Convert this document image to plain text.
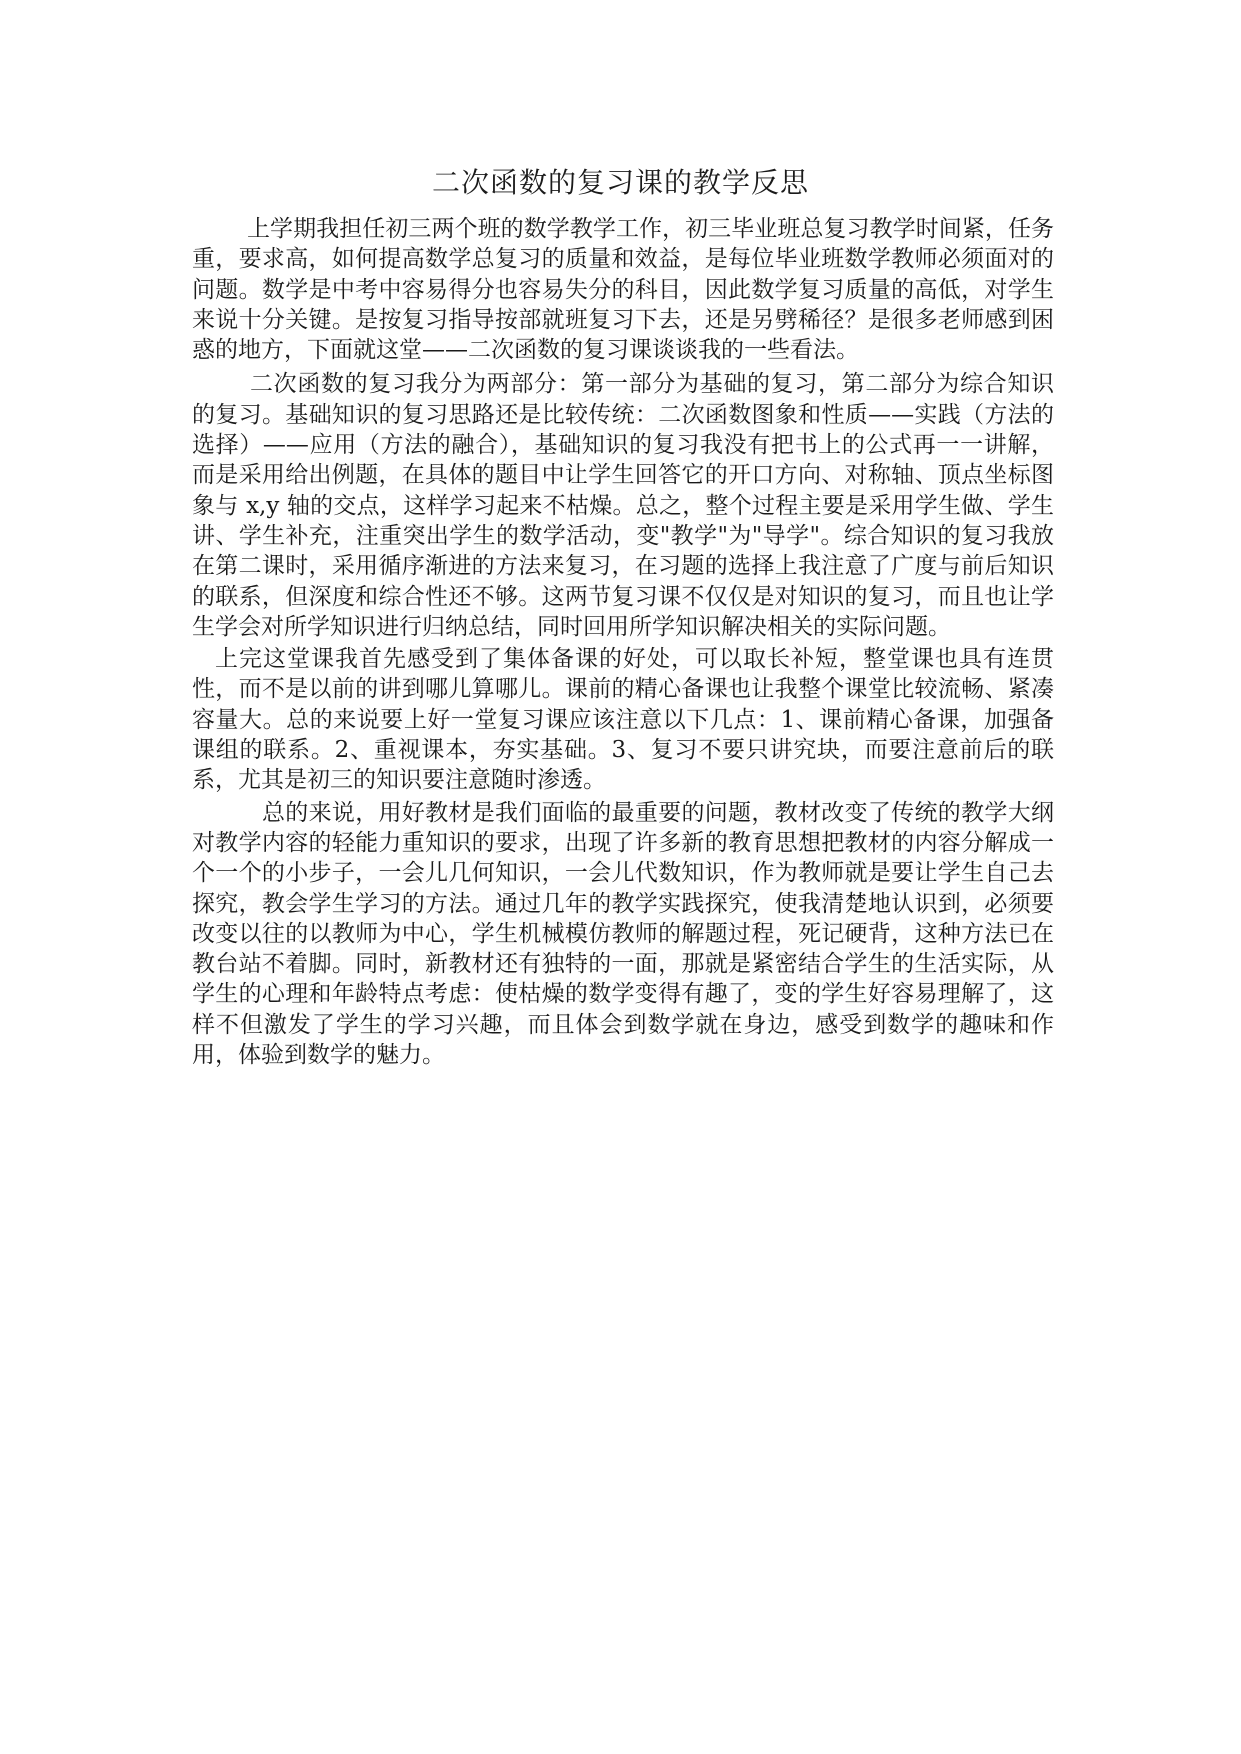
二次函数的复习课的教学反思

上学期我担任初三两个班的数学教学工作，初三毕业班总复习教学时间紧，任务重，要求高，如何提高数学总复习的质量和效益，是每位毕业班数学教师必须面对的问题。数学是中考中容易得分也容易失分的科目，因此数学复习质量的高低，对学生来说十分关键。是按复习指导按部就班复习下去，还是另劈稀径？是很多老师感到困惑的地方，下面就这堂——二次函数的复习课谈谈我的一些看法。

二次函数的复习我分为两部分：第一部分为基础的复习，第二部分为综合知识的复习。基础知识的复习思路还是比较传统：二次函数图象和性质——实践（方法的选择）——应用（方法的融合），基础知识的复习我没有把书上的公式再一一讲解，而是采用给出例题，在具体的题目中让学生回答它的开口方向、对称轴、顶点坐标图象与 x,y 轴的交点，这样学习起来不枯燥。总之，整个过程主要是采用学生做、学生讲、学生补充，注重突出学生的数学活动，变"教学"为"导学"。综合知识的复习我放在第二课时，采用循序渐进的方法来复习，在习题的选择上我注意了广度与前后知识的联系，但深度和综合性还不够。这两节复习课不仅仅是对知识的复习，而且也让学生学会对所学知识进行归纳总结，同时回用所学知识解决相关的实际问题。

上完这堂课我首先感受到了集体备课的好处，可以取长补短，整堂课也具有连贯性，而不是以前的讲到哪儿算哪儿。课前的精心备课也让我整个课堂比较流畅、紧凑容量大。总的来说要上好一堂复习课应该注意以下几点：1、课前精心备课，加强备课组的联系。2、重视课本，夯实基础。3、复习不要只讲究块，而要注意前后的联系，尤其是初三的知识要注意随时渗透。

总的来说，用好教材是我们面临的最重要的问题，教材改变了传统的教学大纲对教学内容的轻能力重知识的要求，出现了许多新的教育思想把教材的内容分解成一个一个的小步子，一会儿几何知识，一会儿代数知识，作为教师就是要让学生自己去探究，教会学生学习的方法。通过几年的教学实践探究，使我清楚地认识到，必须要改变以往的以教师为中心，学生机械模仿教师的解题过程，死记硬背，这种方法已在教台站不着脚。同时，新教材还有独特的一面，那就是紧密结合学生的生活实际，从学生的心理和年龄特点考虑：使枯燥的数学变得有趣了，变的学生好容易理解了，这样不但激发了学生的学习兴趣，而且体会到数学就在身边，感受到数学的趣味和作用，体验到数学的魅力。
